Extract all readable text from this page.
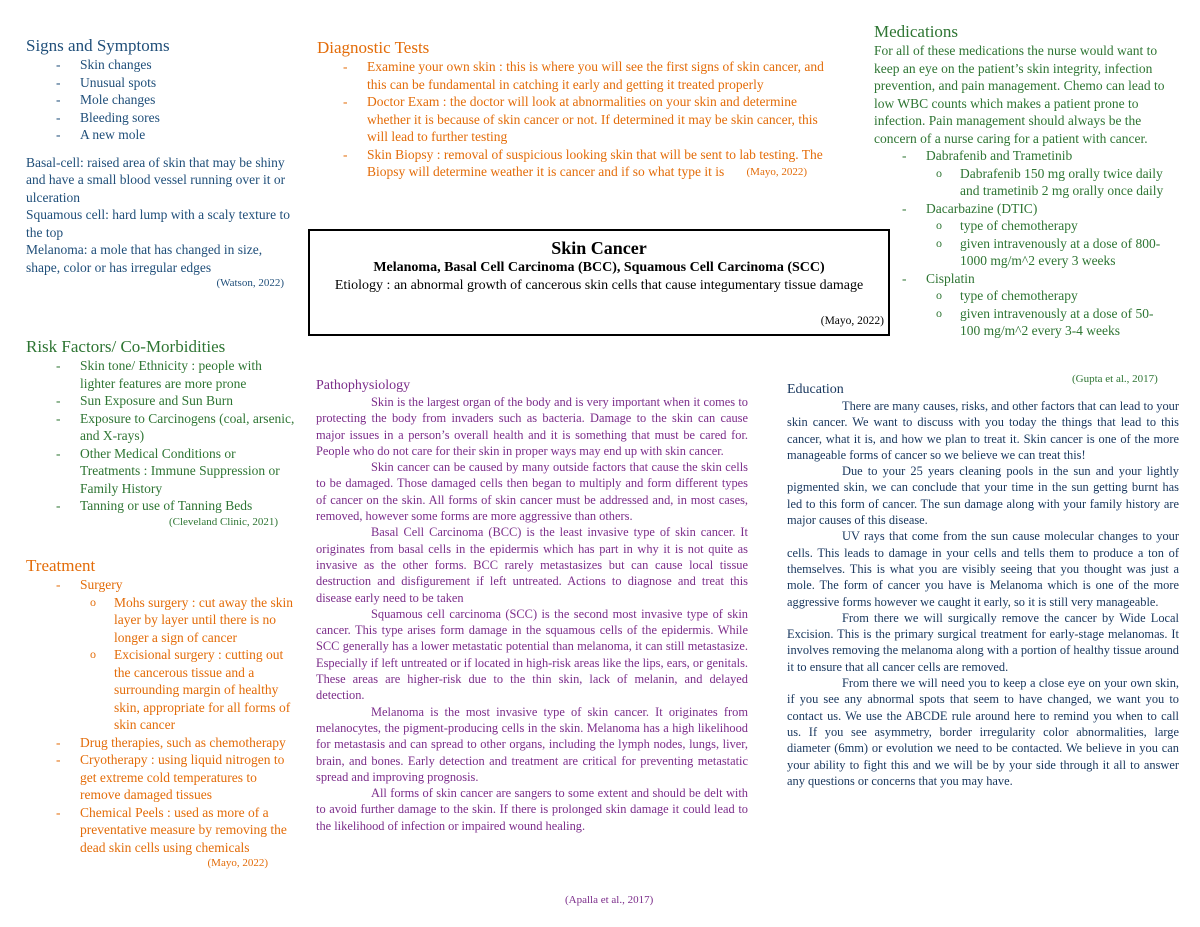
Signs and Symptoms
- Skin changes
- Unusual spots
- Mole changes
- Bleeding sores
- A new mole

Basal-cell: raised area of skin that may be shiny and have a small blood vessel running over it or ulceration

Squamous cell: hard lump with a scaly texture to the top

Melanoma: a mole that has changed in size, shape, color or has irregular edges

(Watson, 2022)
Diagnostic Tests
- Examine your own skin : this is where you will see the first signs of skin cancer, and this can be fundamental in catching it early and getting it treated properly
- Doctor Exam : the doctor will look at abnormalities on your skin and determine whether it is because of skin cancer or not. If determined it may be skin cancer, this will lead to further testing
- Skin Biopsy : removal of suspicious looking skin that will be sent to lab testing. The Biopsy will determine weather it is cancer and if so what type it is	(Mayo, 2022)
Skin Cancer
Melanoma, Basal Cell Carcinoma (BCC), Squamous Cell Carcinoma (SCC)
Etiology : an abnormal growth of cancerous skin cells that cause integumentary tissue damage
(Mayo, 2022)
Medications

For all of these medications the nurse would want to keep an eye on the patient’s skin integrity, infection prevention, and pain management. Chemo can lead to low WBC counts which makes a patient prone to infection. Pain management should always be the concern of a nurse caring for a patient with cancer.

- Dabrafenib and Trametinib
o Dabrafenib 150 mg orally twice daily and trametinib 2 mg orally once daily
- Dacarbazine (DTIC)
o type of chemotherapy
o given intravenously at a dose of 800-1000 mg/m^2 every 3 weeks
- Cisplatin
o type of chemotherapy
o given intravenously at a dose of 50-100 mg/m^2 every 3-4 weeks
(Gupta et al., 2017)
Risk Factors/ Co-Morbidities
- Skin tone/ Ethnicity : people with lighter features are more prone
- Sun Exposure and Sun Burn
- Exposure to Carcinogens (coal, arsenic, and X-rays)
- Other Medical Conditions or Treatments : Immune Suppression or Family History
- Tanning or use of Tanning Beds
(Cleveland Clinic, 2021)
Treatment
- Surgery
o Mohs surgery : cut away the skin layer by layer until there is no longer a sign of cancer
o Excisional surgery : cutting out the cancerous tissue and a surrounding margin of healthy skin, appropriate for all forms of skin cancer
- Drug therapies, such as chemotherapy
- Cryotherapy : using liquid nitrogen to get extreme cold temperatures to remove damaged tissues
- Chemical Peels : used as more of a preventative measure by removing the dead skin cells using chemicals
(Mayo, 2022)
Pathophysiology

Skin is the largest organ of the body and is very important when it comes to protecting the body from invaders such as bacteria. Damage to the skin can cause major issues in a person’s overall health and it is something that must be cared for. People who do not care for their skin in proper ways may end up with skin cancer.

Skin cancer can be caused by many outside factors that cause the skin cells to be damaged. Those damaged cells then began to multiply and form different types of cancer on the skin. All forms of skin cancer must be addressed and, in most cases, removed, however some forms are more aggressive than others.

Basal Cell Carcinoma (BCC) is the least invasive type of skin cancer. It originates from basal cells in the epidermis which has part in why it is not quite as invasive as the other forms. BCC rarely metastasizes but can cause local tissue destruction and disfigurement if left untreated. Actions to diagnose and treat this disease early need to be taken

Squamous cell carcinoma (SCC) is the second most invasive type of skin cancer. This type arises form damage in the squamous cells of the epidermis. While SCC generally has a lower metastatic potential than melanoma, it can still metastasize. Especially if left untreated or if located in high-risk areas like the lips, ears, or genitals. These areas are higher-risk due to the thin skin, lack of melanin, and delayed detection.

Melanoma is the most invasive type of skin cancer. It originates from melanocytes, the pigment-producing cells in the skin. Melanoma has a high likelihood for metastasis and can spread to other organs, including the lymph nodes, lungs, liver, brain, and bones. Early detection and treatment are critical for preventing metastatic spread and improving prognosis.

All forms of skin cancer are sangers to some extent and should be delt with to avoid further damage to the skin. If there is prolonged skin damage it could lead to the likelihood of infection or impaired wound healing.

(Apalla et al., 2017)
Education

There are many causes, risks, and other factors that can lead to your skin cancer. We want to discuss with you today the things that lead to this cancer, what it is, and how we plan to treat it. Skin cancer is one of the more manageable forms of cancer so we believe we can treat this!

Due to your 25 years cleaning pools in the sun and your lightly pigmented skin, we can conclude that your time in the sun getting burnt has led to this form of cancer. The sun damage along with your family history are major causes of this disease.

UV rays that come from the sun cause molecular changes to your cells. This leads to damage in your cells and tells them to produce a ton of themselves. This is what you are visibly seeing that you thought was just a mole. The form of cancer you have is Melanoma which is one of the more aggressive forms however we caught it early, so it is still very manageable.

From there we will surgically remove the cancer by Wide Local Excision. This is the primary surgical treatment for early-stage melanomas. It involves removing the melanoma along with a portion of healthy tissue around it to ensure that all cancer cells are removed.

From there we will need you to keep a close eye on your own skin, if you see any abnormal spots that seem to have changed, we want you to contact us. We use the ABCDE rule around here to remind you when to call us. If you see asymmetry, border irregularity color abnormalities, large diameter (6mm) or evolution we need to be contacted. We believe in you can your ability to fight this and we will be by your side through it all to answer any questions or concerns that you may have.
